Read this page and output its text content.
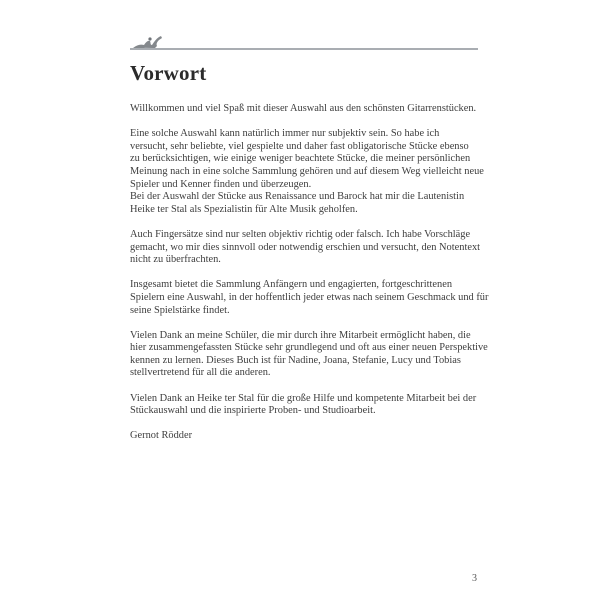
Vorwort

Willkommen und viel Spaß mit dieser Auswahl aus den schönsten Gitarrenstücken.

Eine solche Auswahl kann natürlich immer nur subjektiv sein. So habe ich
versucht, sehr beliebte, viel gespielte und daher fast obligatorische Stücke ebenso
zu berücksichtigen, wie einige weniger beachtete Stücke, die meiner persönlichen
Meinung nach in eine solche Sammlung gehören und auf diesem Weg vielleicht neue
Spieler und Kenner finden und überzeugen.

Bei der Auswahl der Stücke aus Renaissance und Barock hat mir die Lautenistin
Heike ter Stal als Spezialistin für Alte Musik geholfen.

Auch Fingersätze sind nur selten objektiv richtig oder falsch. Ich habe Vorschläge
gemacht, wo mir dies sinnvoll oder notwendig erschien und versucht, den Notentext
nicht zu überfrachten.

Insgesamt bietet die Sammlung Anfängern und engagierten, fortgeschrittenen
Spielern eine Auswahl, in der hoffentlich jeder etwas nach seinem Geschmack und für
seine Spielstärke findet.

Vielen Dank an meine Schüler, die mir durch ihre Mitarbeit ermöglicht haben, die
hier zusammengefassten Stücke sehr grundlegend und oft aus einer neuen Perspektive
kennen zu lernen. Dieses Buch ist für Nadine, Joana, Stefanie, Lucy und Tobias
stellvertretend für all die anderen.

Vielen Dank an Heike ter Stal für die große Hilfe und kompetente Mitarbeit bei der
Stückauswahl und die inspirierte Proben- und Studioarbeit.

Gernot Rödder

3
